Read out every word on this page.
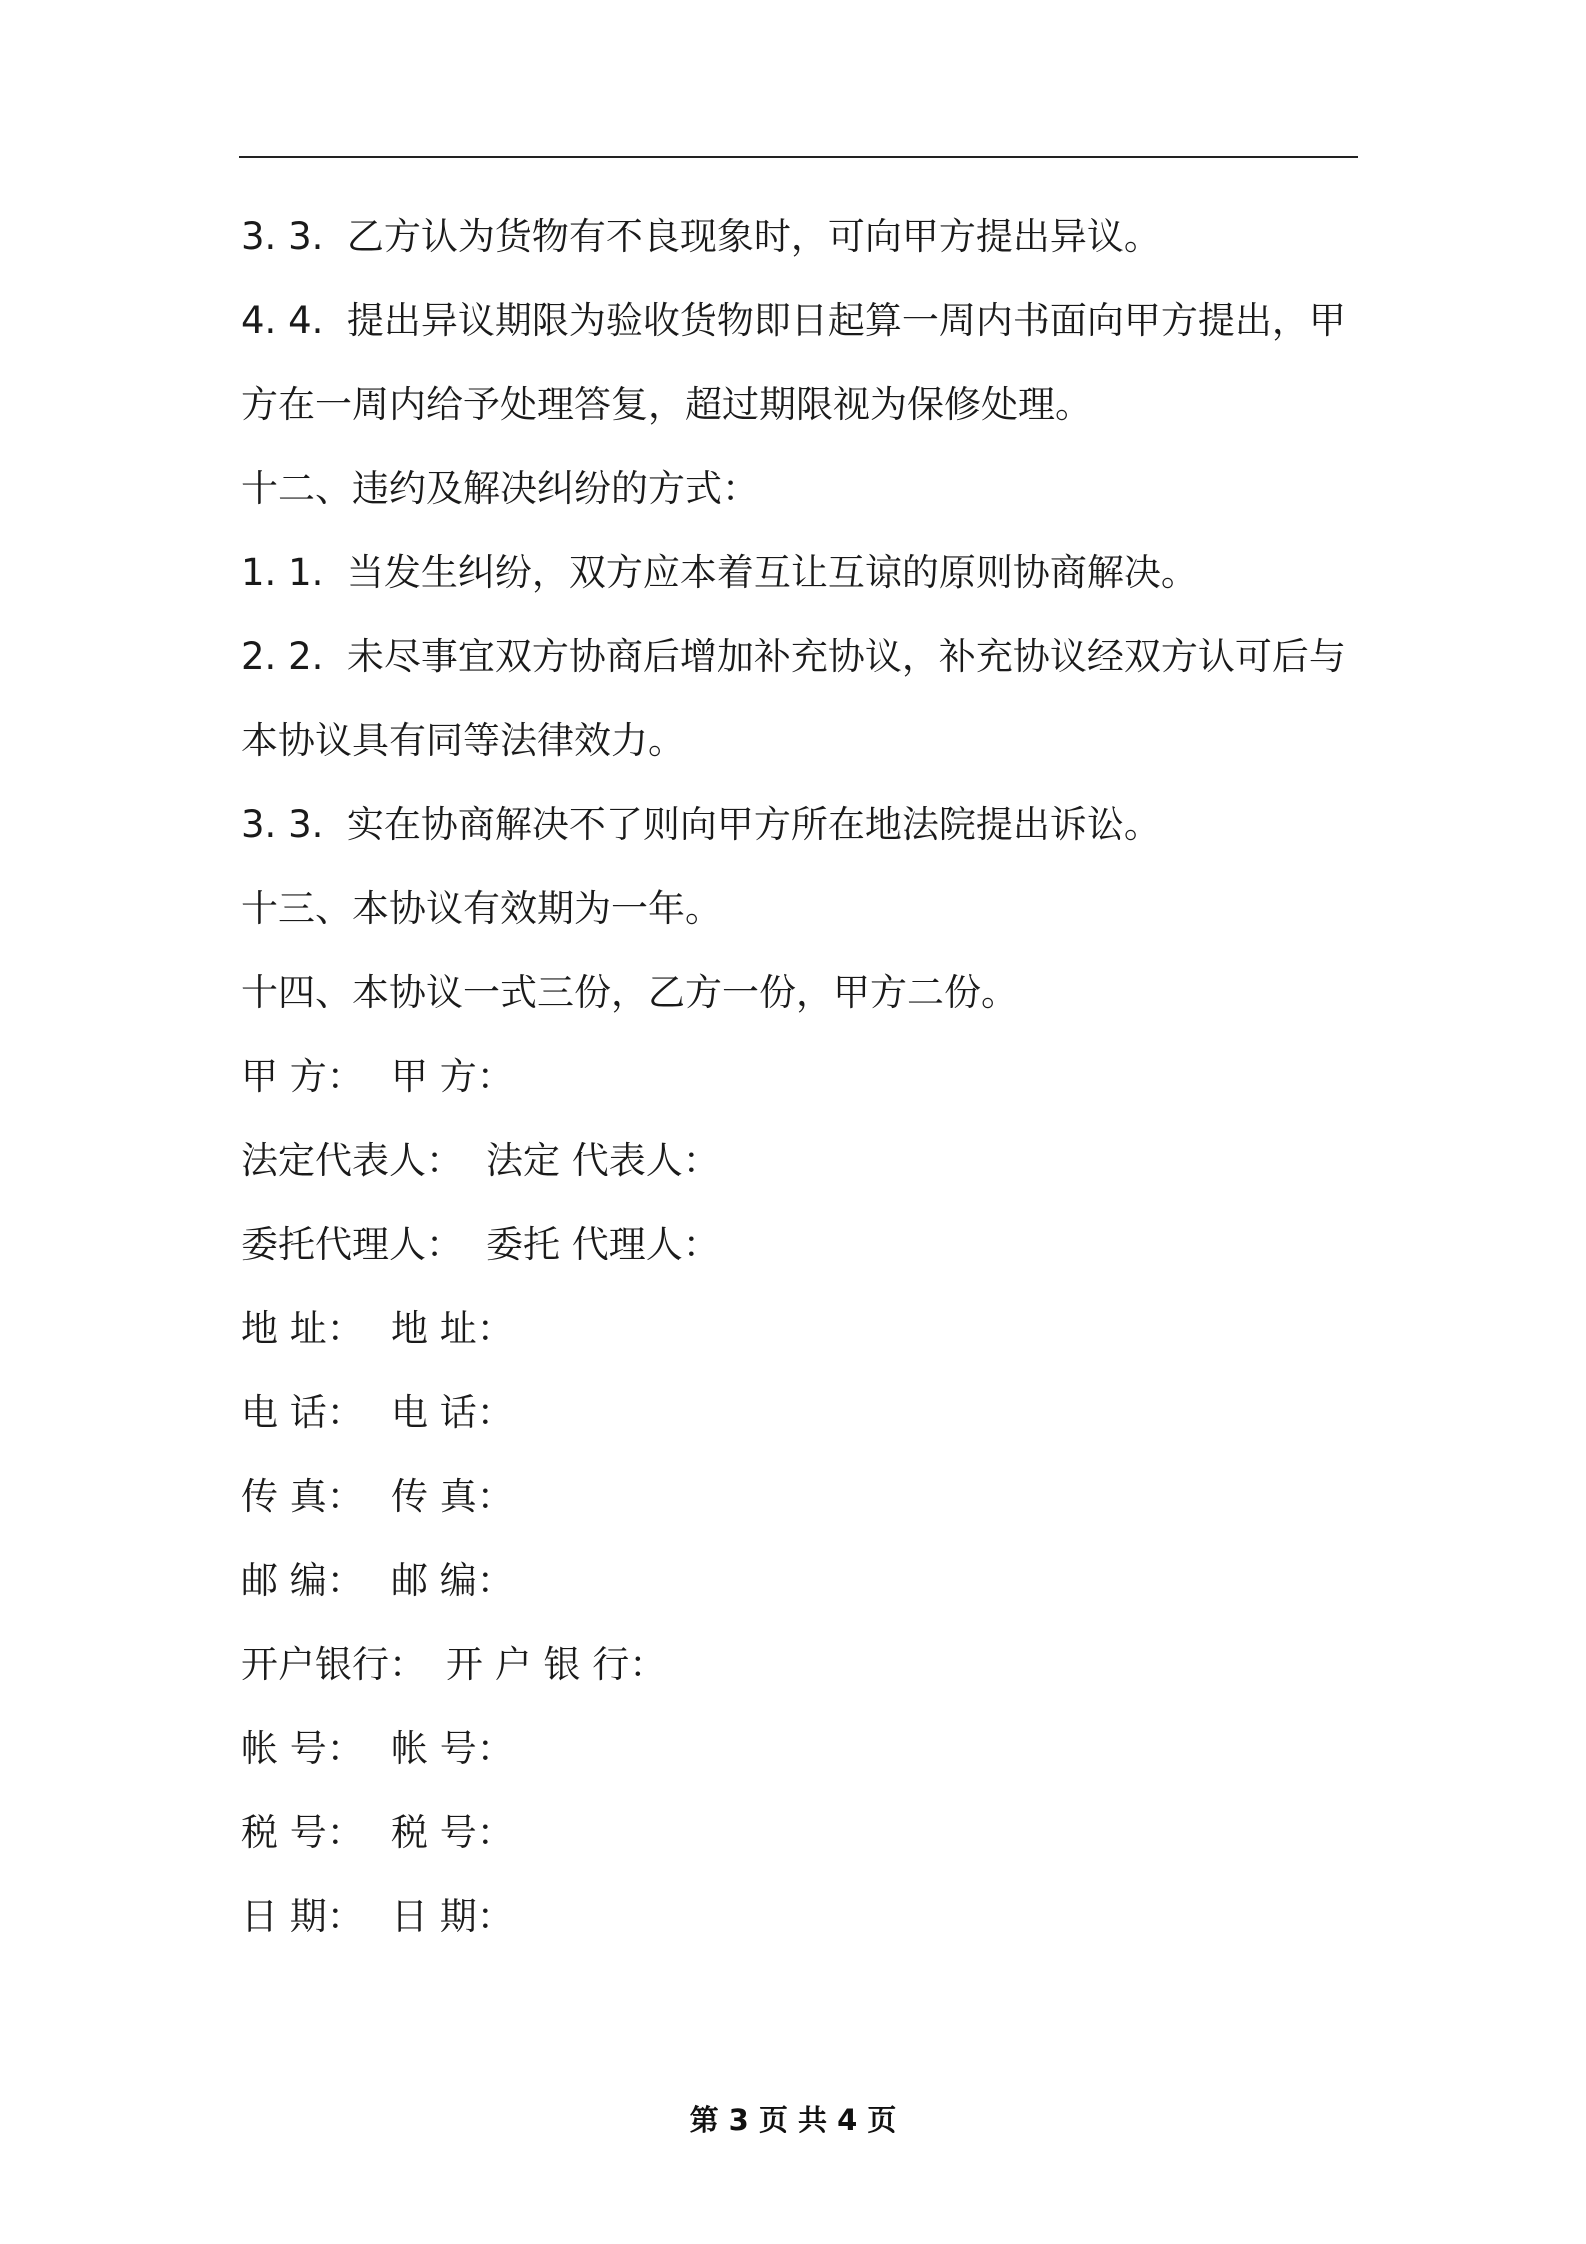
3. 3.  乙方认为货物有不良现象时，可向甲方提出异议。
4. 4.  提出异议期限为验收货物即日起算一周内书面向甲方提出，甲
方在一周内给予处理答复，超过期限视为保修处理。
十二、违约及解决纠纷的方式：
1. 1.  当发生纠纷，双方应本着互让互谅的原则协商解决。
2. 2.  未尽事宜双方协商后增加补充协议，补充协议经双方认可后与
本协议具有同等法律效力。
3. 3.  实在协商解决不了则向甲方所在地法院提出诉讼。
十三、本协议有效期为一年。
十四、本协议一式三份，乙方一份，甲方二份。
甲 方： 甲 方：
法定代表人： 法定 代表人：
委托代理人： 委托 代理人：
地 址： 地 址：
电 话： 电 话：
传 真： 传 真：
邮 编： 邮 编：
开户银行： 开 户 银 行：
帐 号： 帐 号：
税 号： 税 号：
日 期： 日 期：
第 3 页 共 4 页
